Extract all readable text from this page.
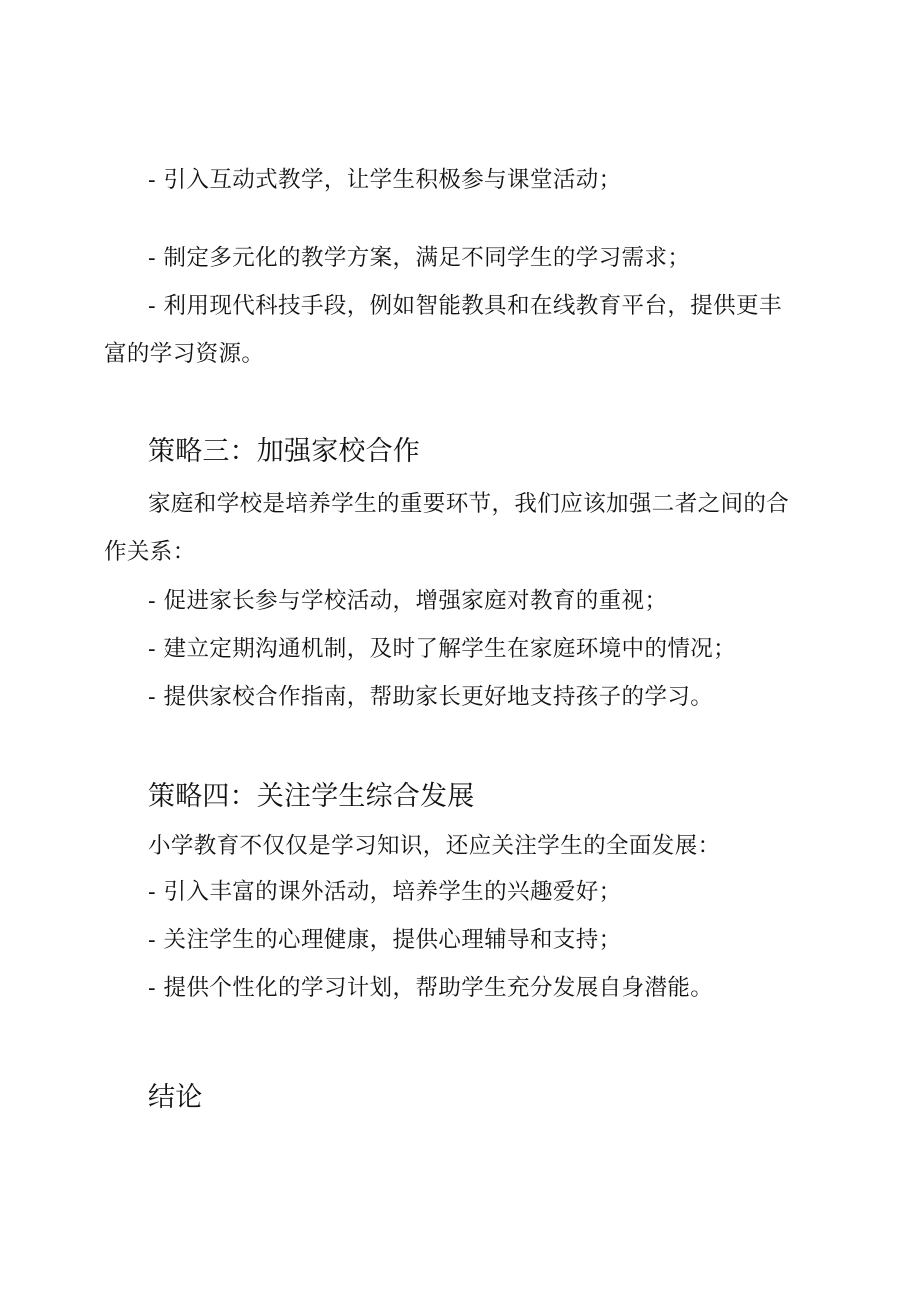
- 引入互动式教学，让学生积极参与课堂活动；
- 制定多元化的教学方案，满足不同学生的学习需求；
- 利用现代科技手段，例如智能教具和在线教育平台，提供更丰
富的学习资源。
策略三：加强家校合作
家庭和学校是培养学生的重要环节，我们应该加强二者之间的合
作关系：
- 促进家长参与学校活动，增强家庭对教育的重视；
- 建立定期沟通机制，及时了解学生在家庭环境中的情况；
- 提供家校合作指南，帮助家长更好地支持孩子的学习。
策略四：关注学生综合发展
小学教育不仅仅是学习知识，还应关注学生的全面发展：
- 引入丰富的课外活动，培养学生的兴趣爱好；
- 关注学生的心理健康，提供心理辅导和支持；
- 提供个性化的学习计划，帮助学生充分发展自身潜能。
结论
